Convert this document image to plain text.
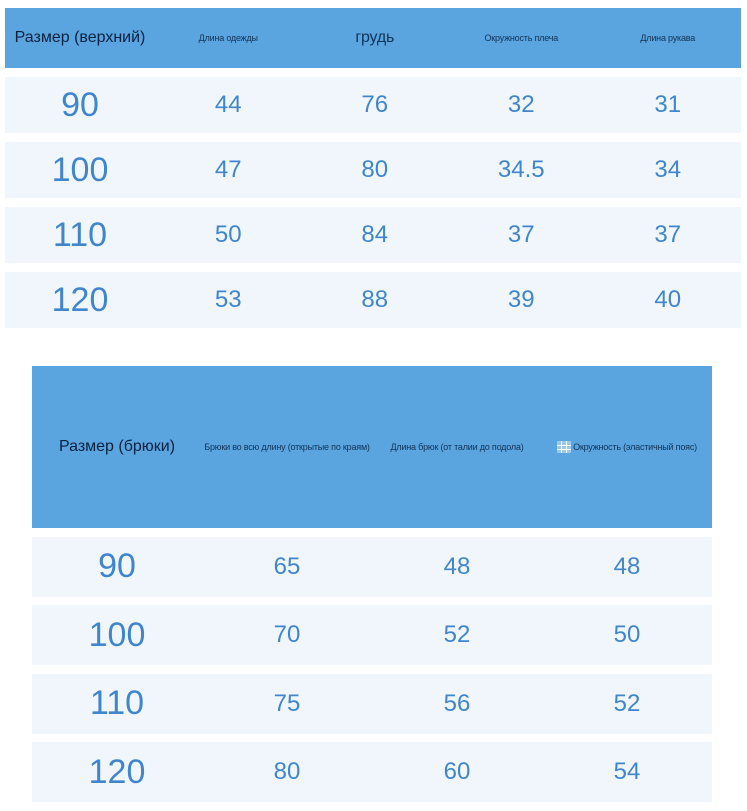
Размер (верхний)	Длина одежды	грудь	Окружность плеча	Длина рукава
90	44	76	32	31
100	47	80	34.5	34
110	50	84	37	37
120	53	88	39	40
Размер (брюки)	Брюки во всю длину (открытые по краям)	Длина брюк (от талии до подола)	Окружность (эластичный пояс)
90	65	48	48
100	70	52	50
110	75	56	52
120	80	60	54
